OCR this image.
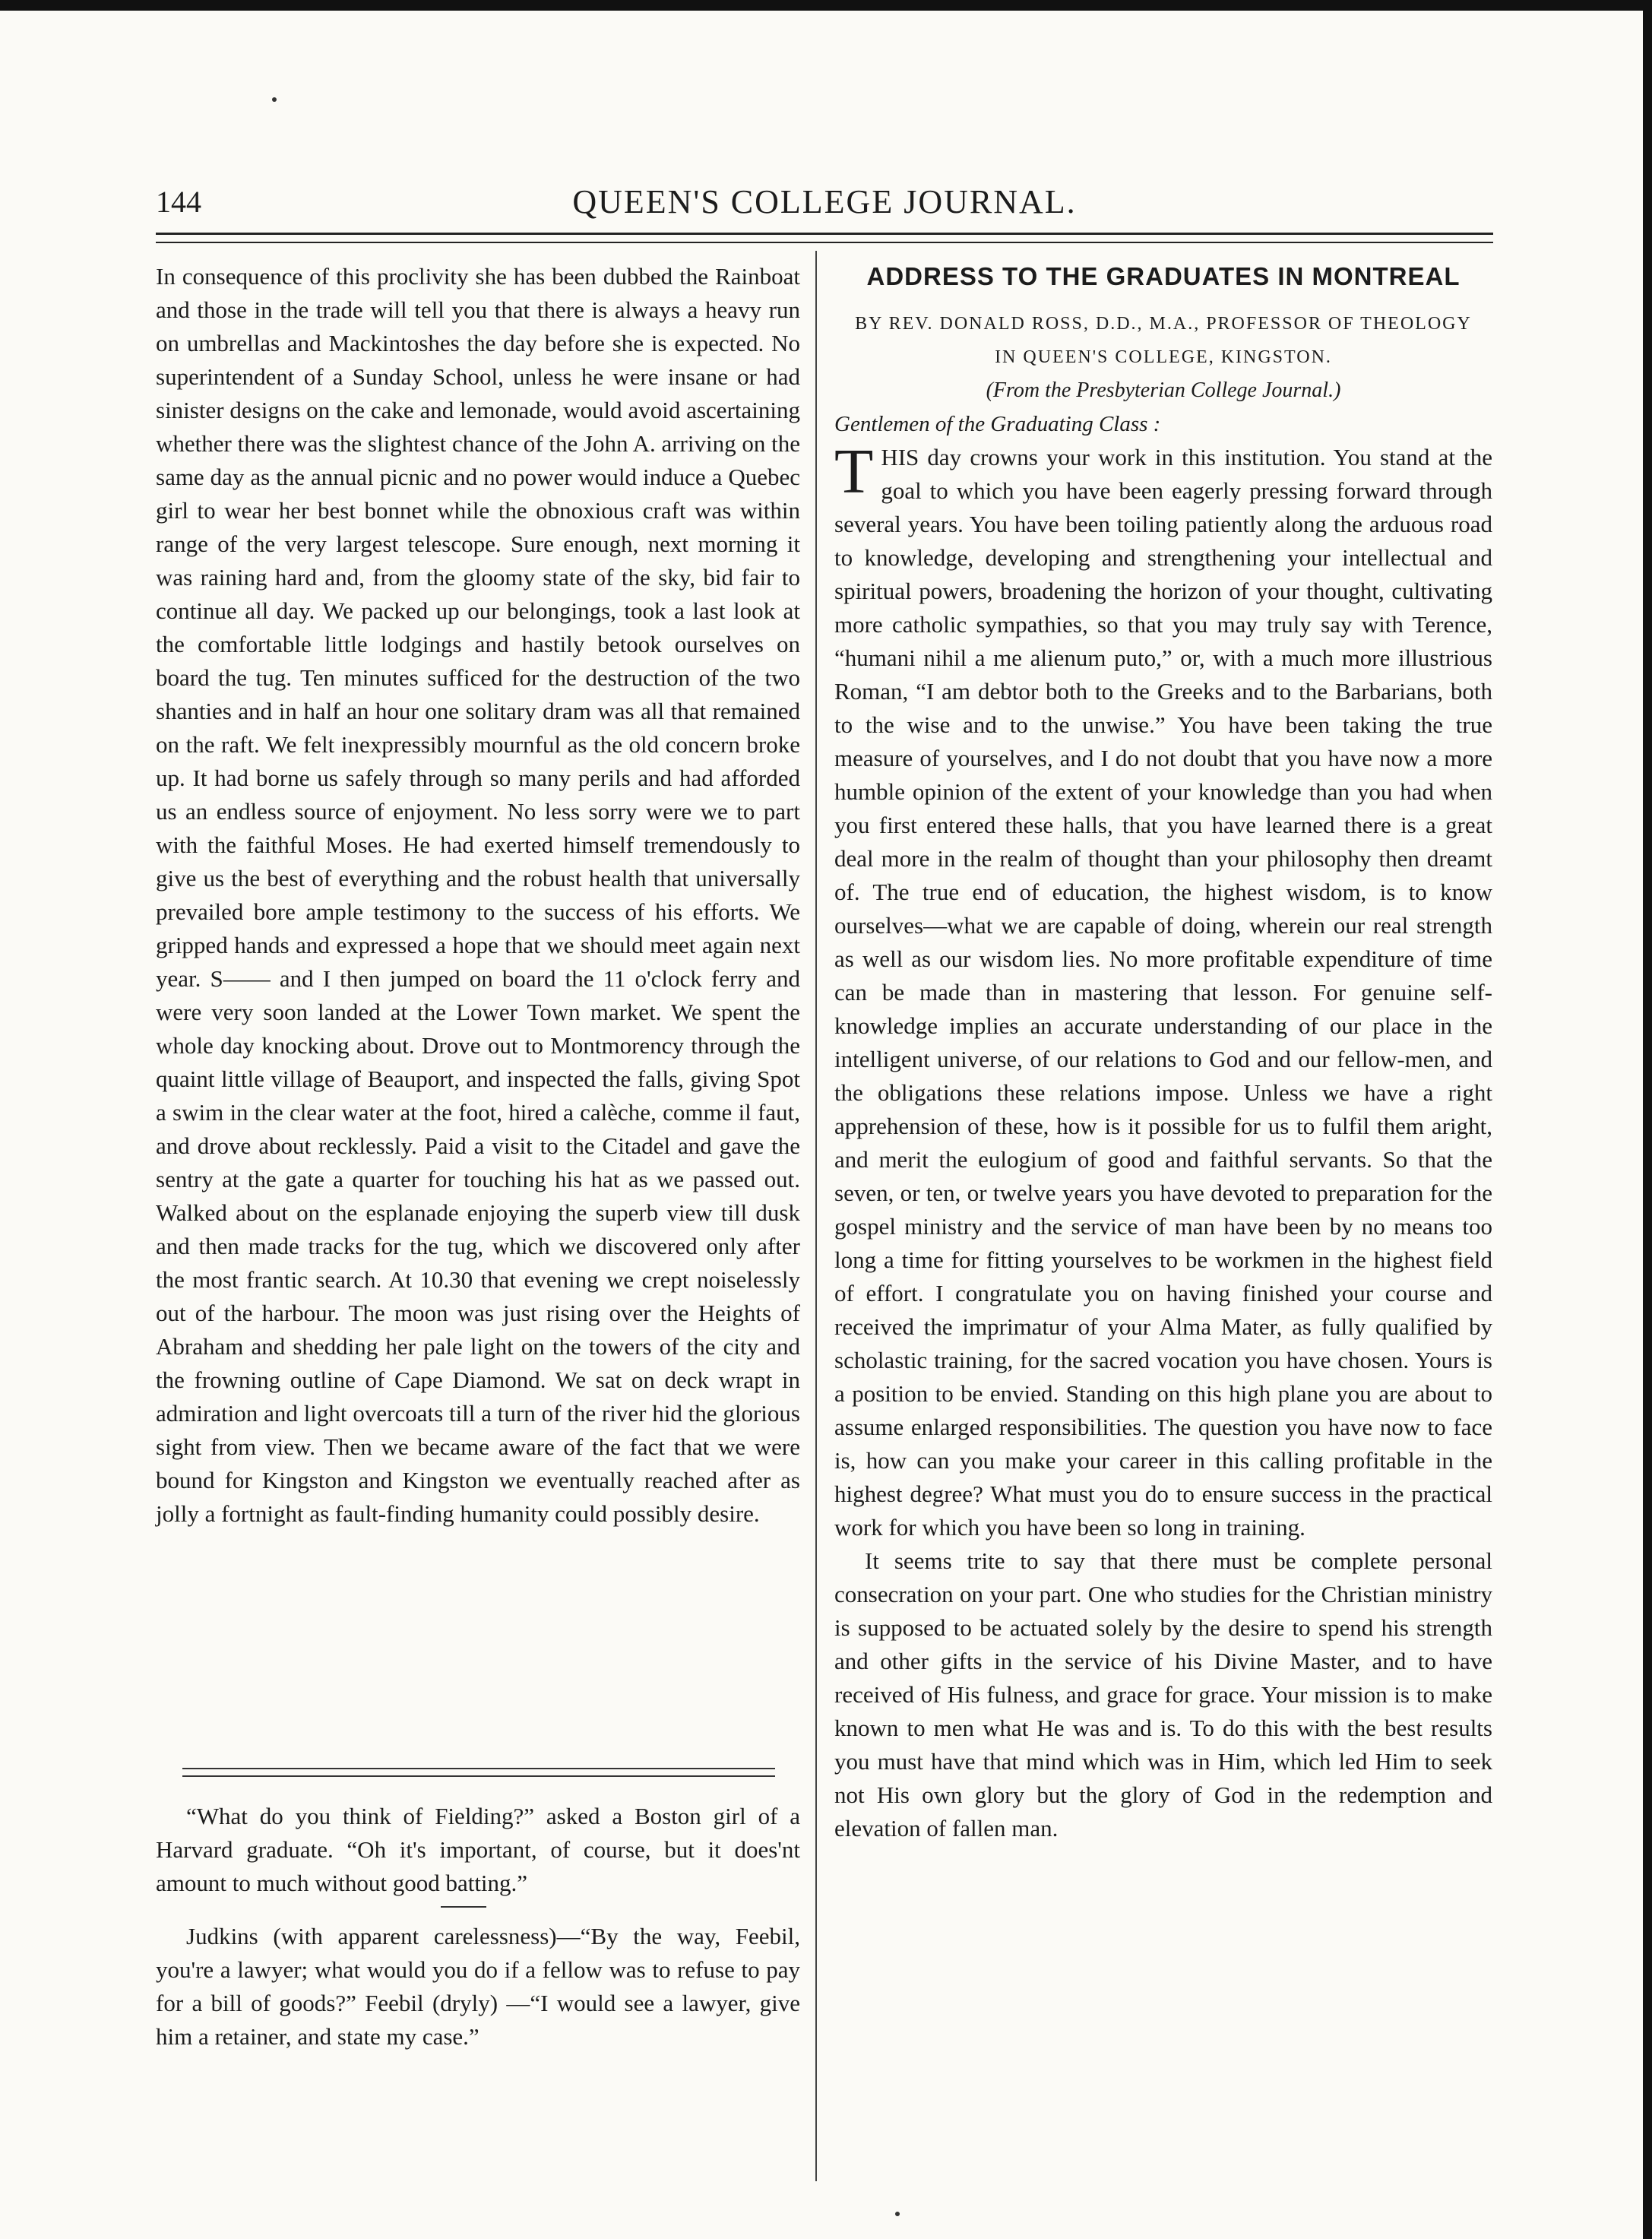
144	QUEEN'S COLLEGE JOURNAL.

In consequence of this proclivity she has been dubbed the Rainboat and those in the trade will tell you that there is always a heavy run on umbrellas and Mackintoshes the day before she is expected. No superintendent of a Sunday School, unless he were insane or had sinister designs on the cake and lemonade, would avoid ascertaining whether there was the slightest chance of the John A. arriving on the same day as the annual picnic and no power would induce a Quebec girl to wear her best bonnet while the obnoxious craft was within range of the very largest telescope. Sure enough, next morning it was raining hard and, from the gloomy state of the sky, bid fair to continue all day. We packed up our belongings, took a last look at the comfortable little lodgings and hastily betook ourselves on board the tug. Ten minutes sufficed for the destruction of the two shanties and in half an hour one solitary dram was all that remained on the raft. We felt inexpressibly mournful as the old concern broke up. It had borne us safely through so many perils and had afforded us an endless source of enjoyment. No less sorry were we to part with the faithful Moses. He had exerted himself tremendously to give us the best of everything and the robust health that universally prevailed bore ample testimony to the success of his efforts. We gripped hands and expressed a hope that we should meet again next year. S—— and I then jumped on board the 11 o'clock ferry and were very soon landed at the Lower Town market. We spent the whole day knocking about. Drove out to Montmorency through the quaint little village of Beauport, and inspected the falls, giving Spot a swim in the clear water at the foot, hired a calèche, comme il faut, and drove about recklessly. Paid a visit to the Citadel and gave the sentry at the gate a quarter for touching his hat as we passed out. Walked about on the esplanade enjoying the superb view till dusk and then made tracks for the tug, which we discovered only after the most frantic search. At 10.30 that evening we crept noiselessly out of the harbour. The moon was just rising over the Heights of Abraham and shedding her pale light on the towers of the city and the frowning outline of Cape Diamond. We sat on deck wrapt in admiration and light overcoats till a turn of the river hid the glorious sight from view. Then we became aware of the fact that we were bound for Kingston and Kingston we eventually reached after as jolly a fortnight as fault-finding humanity could possibly desire.

“What do you think of Fielding?” asked a Boston girl of a Harvard graduate. “Oh it's important, of course, but it does'nt amount to much without good batting.”

Judkins (with apparent carelessness)—“By the way, Feebil, you're a lawyer; what would you do if a fellow was to refuse to pay for a bill of goods?” Feebil (dryly) —“I would see a lawyer, give him a retainer, and state my case.”

ADDRESS TO THE GRADUATES IN MONTREAL

BY REV. DONALD ROSS, D.D., M.A., PROFESSOR OF THEOLOGY

IN QUEEN'S COLLEGE, KINGSTON.

(From the Presbyterian College Journal.)

Gentlemen of the Graduating Class :

THIS day crowns your work in this institution. You stand at the goal to which you have been eagerly pressing forward through several years. You have been toiling patiently along the arduous road to knowledge, developing and strengthening your intellectual and spiritual powers, broadening the horizon of your thought, cultivating more catholic sympathies, so that you may truly say with Terence, “humani nihil a me alienum puto,” or, with a much more illustrious Roman, “I am debtor both to the Greeks and to the Barbarians, both to the wise and to the unwise.” You have been taking the true measure of yourselves, and I do not doubt that you have now a more humble opinion of the extent of your knowledge than you had when you first entered these halls, that you have learned there is a great deal more in the realm of thought than your philosophy then dreamt of. The true end of education, the highest wisdom, is to know ourselves—what we are capable of doing, wherein our real strength as well as our wisdom lies. No more profitable expenditure of time can be made than in mastering that lesson. For genuine self-knowledge implies an accurate understanding of our place in the intelligent universe, of our relations to God and our fellow-men, and the obligations these relations impose. Unless we have a right apprehension of these, how is it possible for us to fulfil them aright, and merit the eulogium of good and faithful servants. So that the seven, or ten, or twelve years you have devoted to preparation for the gospel ministry and the service of man have been by no means too long a time for fitting yourselves to be workmen in the highest field of effort. I congratulate you on having finished your course and received the imprimatur of your Alma Mater, as fully qualified by scholastic training, for the sacred vocation you have chosen. Yours is a position to be envied. Standing on this high plane you are about to assume enlarged responsibilities. The question you have now to face is, how can you make your career in this calling profitable in the highest degree? What must you do to ensure success in the practical work for which you have been so long in training.

It seems trite to say that there must be complete personal consecration on your part. One who studies for the Christian ministry is supposed to be actuated solely by the desire to spend his strength and other gifts in the service of his Divine Master, and to have received of His fulness, and grace for grace. Your mission is to make known to men what He was and is. To do this with the best results you must have that mind which was in Him, which led Him to seek not His own glory but the glory of God in the redemption and elevation of fallen man.
